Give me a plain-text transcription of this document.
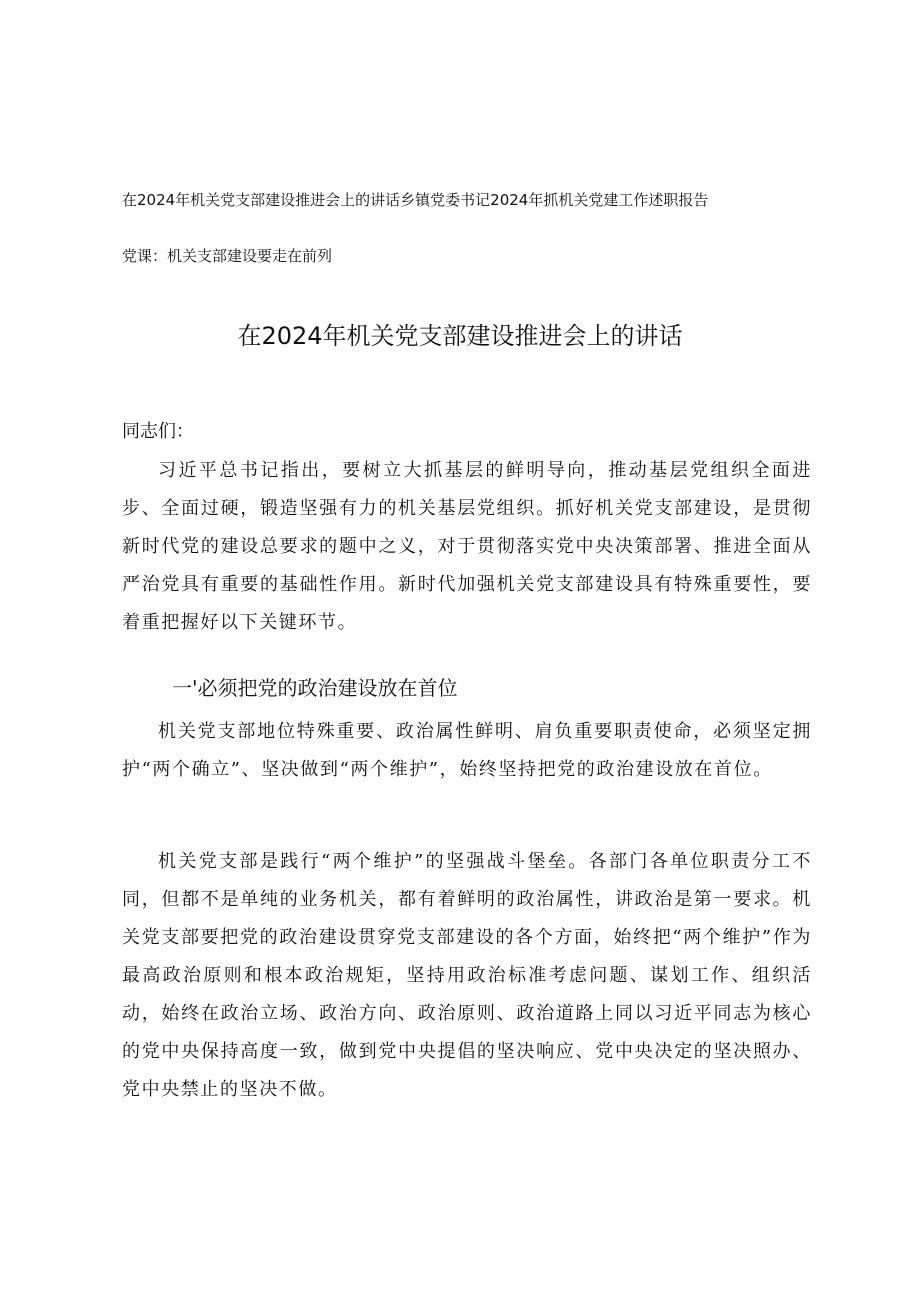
在2024年机关党支部建设推进会上的讲话乡镇党委书记2024年抓机关党建工作述职报告
党课：机关支部建设要走在前列
在2024年机关党支部建设推进会上的讲话
同志们：

习近平总书记指出，要树立大抓基层的鲜明导向，推动基层党组织全面进步、全面过硬，锻造坚强有力的机关基层党组织。抓好机关党支部建设，是贯彻新时代党的建设总要求的题中之义，对于贯彻落实党中央决策部署、推进全面从严治党具有重要的基础性作用。新时代加强机关党支部建设具有特殊重要性，要着重把握好以下关键环节。

一'必须把党的政治建设放在首位

机关党支部地位特殊重要、政治属性鲜明、肩负重要职责使命，必须坚定拥护“两个确立”、坚决做到“两个维护”，始终坚持把党的政治建设放在首位。

机关党支部是践行“两个维护”的坚强战斗堡垒。各部门各单位职责分工不同，但都不是单纯的业务机关，都有着鲜明的政治属性，讲政治是第一要求。机关党支部要把党的政治建设贯穿党支部建设的各个方面，始终把“两个维护”作为最高政治原则和根本政治规矩，坚持用政治标准考虑问题、谋划工作、组织活动，始终在政治立场、政治方向、政治原则、政治道路上同以习近平同志为核心的党中央保持高度一致，做到党中央提倡的坚决响应、党中央决定的坚决照办、党中央禁止的坚决不做。
